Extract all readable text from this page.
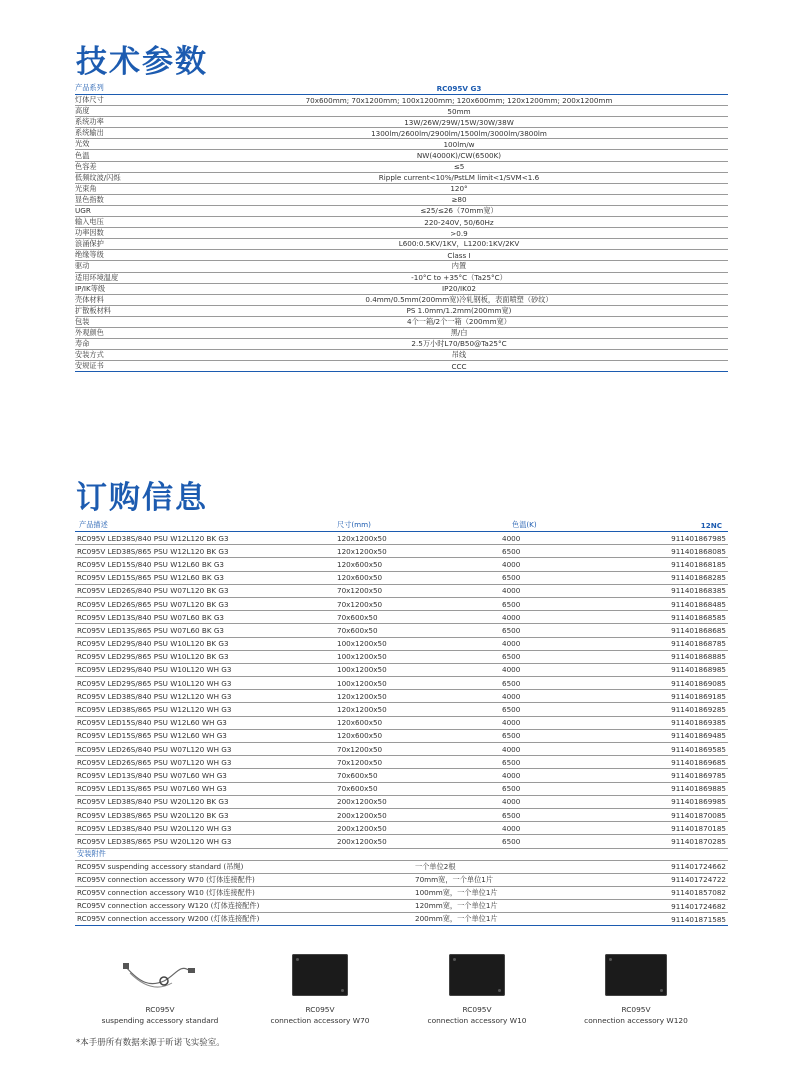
技术参数
产品系列	RC095V G3
灯体尺寸	70x600mm; 70x1200mm; 100x1200mm; 120x600mm; 120x1200mm; 200x1200mm
高度	50mm
系统功率	13W/26W/29W/15W/30W/38W
系统输出	1300lm/2600lm/2900lm/1500lm/3000lm/3800lm
光效	100lm/w
色温	NW(4000K)/CW(6500K)
色容差	≤5
低频纹波/闪烁	Ripple current<10%/PstLM limit<1/SVM<1.6
光束角	120°
显色指数	≥80
UGR	≤25/≤26（70mm宽）
输入电压	220-240V, 50/60Hz
功率因数	>0.9
浪涌保护	L600:0.5KV/1KV，L1200:1KV/2KV
绝缘等级	Class I
驱动	内置
适用环境温度	-10°C to +35°C（Ta25°C）
IP/IK等级	IP20/IK02
壳体材料	0.4mm/0.5mm(200mm宽)冷轧钢板，表面喷塑（砂纹）
扩散板材料	PS 1.0mm/1.2mm(200mm宽)
包装	4个一箱/2个一箱（200mm宽）
外观颜色	黑/白
寿命	2.5万小时L70/B50@Ta25°C
安装方式	吊线
安规证书	CCC
订购信息
产品描述	尺寸(mm)	色温(K)	12NC
RC095V LED38S/840 PSU W12L120 BK G3	120x1200x50	4000	911401867985
RC095V LED38S/865 PSU W12L120 BK G3	120x1200x50	6500	911401868085
RC095V LED15S/840 PSU W12L60 BK G3	120x600x50	4000	911401868185
RC095V LED15S/865 PSU W12L60 BK G3	120x600x50	6500	911401868285
RC095V LED26S/840 PSU W07L120 BK G3	70x1200x50	4000	911401868385
RC095V LED26S/865 PSU W07L120 BK G3	70x1200x50	6500	911401868485
RC095V LED13S/840 PSU W07L60 BK G3	70x600x50	4000	911401868585
RC095V LED13S/865 PSU W07L60 BK G3	70x600x50	6500	911401868685
RC095V LED29S/840 PSU W10L120 BK G3	100x1200x50	4000	911401868785
RC095V LED29S/865 PSU W10L120 BK G3	100x1200x50	6500	911401868885
RC095V LED29S/840 PSU W10L120 WH G3	100x1200x50	4000	911401868985
RC095V LED29S/865 PSU W10L120 WH G3	100x1200x50	6500	911401869085
RC095V LED38S/840 PSU W12L120 WH G3	120x1200x50	4000	911401869185
RC095V LED38S/865 PSU W12L120 WH G3	120x1200x50	6500	911401869285
RC095V LED15S/840 PSU W12L60 WH G3	120x600x50	4000	911401869385
RC095V LED15S/865 PSU W12L60 WH G3	120x600x50	6500	911401869485
RC095V LED26S/840 PSU W07L120 WH G3	70x1200x50	4000	911401869585
RC095V LED26S/865 PSU W07L120 WH G3	70x1200x50	6500	911401869685
RC095V LED13S/840 PSU W07L60 WH G3	70x600x50	4000	911401869785
RC095V LED13S/865 PSU W07L60 WH G3	70x600x50	6500	911401869885
RC095V LED38S/840 PSU W20L120 BK G3	200x1200x50	4000	911401869985
RC095V LED38S/865 PSU W20L120 BK G3	200x1200x50	6500	911401870085
RC095V LED38S/840 PSU W20L120 WH G3	200x1200x50	4000	911401870185
RC095V LED38S/865 PSU W20L120 WH G3	200x1200x50	6500	911401870285
安装附件
RC095V suspending accessory standard (吊绳)	一个单位2根	911401724662
RC095V connection accessory W70 (灯体连接配件)	70mm宽，一个单位1片	911401724722
RC095V connection accessory W10 (灯体连接配件)	100mm宽，一个单位1片	911401857082
RC095V connection accessory W120 (灯体连接配件)	120mm宽，一个单位1片	911401724682
RC095V connection accessory W200 (灯体连接配件)	200mm宽，一个单位1片	911401871585
RC095V
suspending accessory standard
RC095V
connection accessory W70
RC095V
connection accessory W10
RC095V
connection accessory W120
*本手册所有数据来源于昕诺飞实验室。
